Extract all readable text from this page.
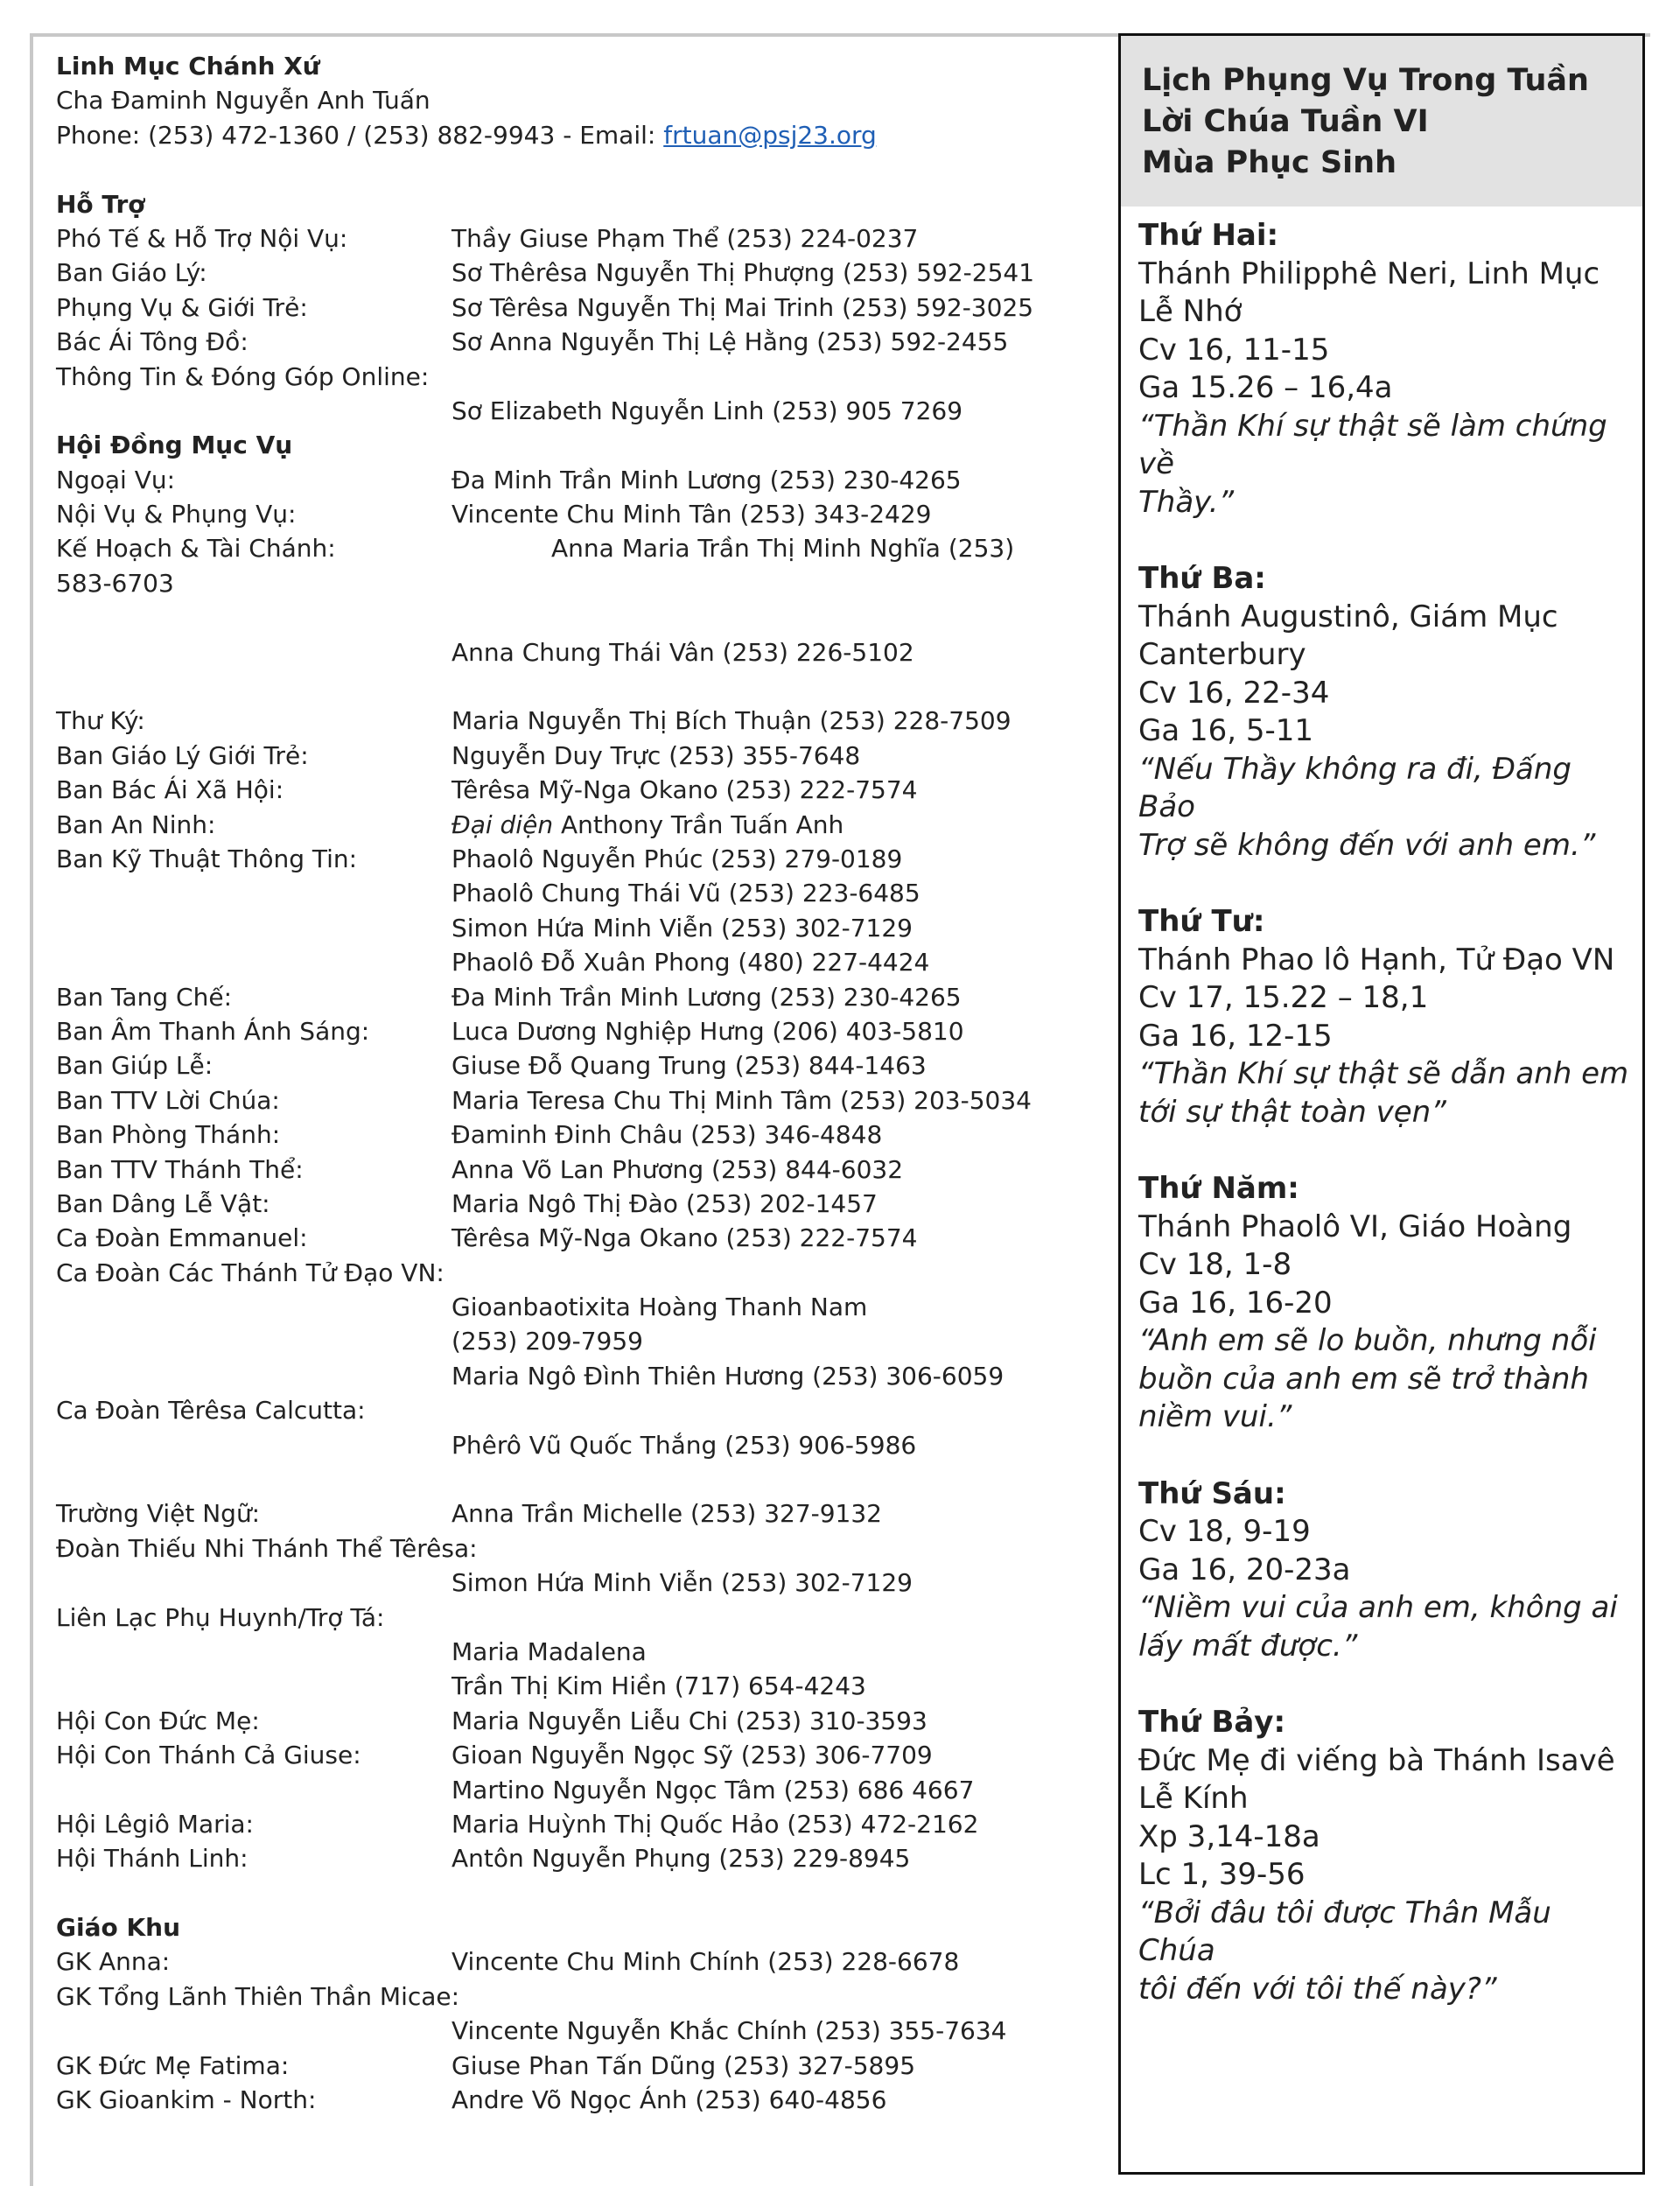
Linh Mục Chánh Xứ
Cha Đaminh Nguyễn Anh Tuấn
Phone: (253) 472-1360 / (253) 882-9943 - Email: frtuan@psj23.org
Hỗ Trợ
Phó Tế & Hỗ Trợ Nội Vụ:	Thầy Giuse Phạm Thể (253) 224-0237
Ban Giáo Lý:	Sơ Thêrêsa Nguyễn Thị Phượng (253) 592-2541
Phụng Vụ & Giới Trẻ:	Sơ Têrêsa Nguyễn Thị Mai Trinh (253) 592-3025
Bác Ái Tông Đồ:	Sơ Anna Nguyễn Thị Lệ Hằng (253) 592-2455
Thông Tin & Đóng Góp Online:
Sơ Elizabeth Nguyễn Linh (253) 905 7269
Hội Đồng Mục Vụ
Ngoại Vụ:	Đa Minh Trần Minh Lương (253) 230-4265
Nội Vụ & Phụng Vụ:	Vincente Chu Minh Tân (253) 343-2429
Kế Hoạch & Tài Chánh:	Anna Maria Trần Thị Minh Nghĩa (253)
583-6703
Anna Chung Thái Vân (253) 226-5102
Thư Ký:	Maria Nguyễn Thị Bích Thuận (253) 228-7509
Ban Giáo Lý Giới Trẻ:	Nguyễn Duy Trực (253) 355-7648
Ban Bác Ái Xã Hội:	Têrêsa Mỹ-Nga Okano (253) 222-7574
Ban An Ninh:	Đại diện Anthony Trần Tuấn Anh
Ban Kỹ Thuật Thông Tin:	Phaolô Nguyễn Phúc (253) 279-0189
Phaolô Chung Thái Vũ (253) 223-6485
Simon Hứa Minh Viễn (253) 302-7129
Phaolô Đỗ Xuân Phong (480) 227-4424
Ban Tang Chế:	Đa Minh Trần Minh Lương (253) 230-4265
Ban Âm Thanh Ánh Sáng:	Luca Dương Nghiệp Hưng (206) 403-5810
Ban Giúp Lễ:	Giuse Đỗ Quang Trung (253) 844-1463
Ban TTV Lời Chúa:	Maria Teresa Chu Thị Minh Tâm (253) 203-5034
Ban Phòng Thánh:	Đaminh Đinh Châu (253) 346-4848
Ban TTV Thánh Thể:	Anna Võ Lan Phương (253) 844-6032
Ban Dâng Lễ Vật:	Maria Ngô Thị Đào (253) 202-1457
Ca Đoàn Emmanuel:	Têrêsa Mỹ-Nga Okano (253) 222-7574
Ca Đoàn Các Thánh Tử Đạo VN:
Gioanbaotixita Hoàng Thanh Nam
(253) 209-7959
Maria Ngô Đình Thiên Hương (253) 306-6059
Ca Đoàn Têrêsa Calcutta:
Phêrô Vũ Quốc Thắng (253) 906-5986
Trường Việt Ngữ:	Anna Trần Michelle (253) 327-9132
Đoàn Thiếu Nhi Thánh Thể Têrêsa:
Simon Hứa Minh Viễn (253) 302-7129
Liên Lạc Phụ Huynh/Trợ Tá:
Maria Madalena
Trần Thị Kim Hiền (717) 654-4243
Hội Con Đức Mẹ:	Maria Nguyễn Liễu Chi (253) 310-3593
Hội Con Thánh Cả Giuse:	Gioan Nguyễn Ngọc Sỹ (253) 306-7709
Martino Nguyễn Ngọc Tâm (253) 686 4667
Hội Lêgiô Maria:	Maria Huỳnh Thị Quốc Hảo (253) 472-2162
Hội Thánh Linh:	Antôn Nguyễn Phụng (253) 229-8945
Giáo Khu
GK Anna:	Vincente Chu Minh Chính (253) 228-6678
GK Tổng Lãnh Thiên Thần Micae:
Vincente Nguyễn Khắc Chính (253) 355-7634
GK Đức Mẹ Fatima:	Giuse Phan Tấn Dũng (253) 327-5895
GK Gioankim - North:	Andre Võ Ngọc Ánh (253) 640-4856
Lịch Phụng Vụ Trong Tuần
Lời Chúa Tuần VI
Mùa Phục Sinh
Thứ Hai:
Thánh Philipphê Neri, Linh Mục
Lễ Nhớ
Cv 16, 11-15
Ga 15.26 – 16,4a
“Thần Khí sự thật sẽ làm chứng về
Thầy.”
Thứ Ba:
Thánh Augustinô, Giám Mục
Canterbury
Cv 16, 22-34
Ga 16, 5-11
“Nếu Thầy không ra đi, Đấng Bảo
Trợ sẽ không đến với anh em.”
Thứ Tư:
Thánh Phao lô Hạnh, Tử Đạo VN
Cv 17, 15.22 – 18,1
Ga 16, 12-15
“Thần Khí sự thật sẽ dẫn anh em
tới sự thật toàn vẹn”
Thứ Năm:
Thánh Phaolô VI, Giáo Hoàng
Cv 18, 1-8
Ga 16, 16-20
“Anh em sẽ lo buồn, nhưng nỗi
buồn của anh em sẽ trở thành
niềm vui.”
Thứ Sáu:
Cv 18, 9-19
Ga 16, 20-23a
“Niềm vui của anh em, không ai
lấy mất được.”
Thứ Bảy:
Đức Mẹ đi viếng bà Thánh Isavê
Lễ Kính
Xp 3,14-18a
Lc 1, 39-56
“Bởi đâu tôi được Thân Mẫu Chúa
tôi đến với tôi thế này?”
